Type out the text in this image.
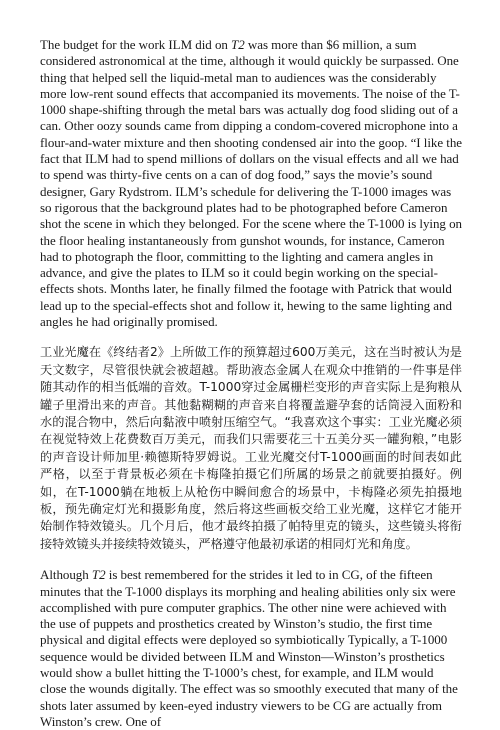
The budget for the work ILM did on T2 was more than $6 million, a sum considered astronomical at the time, although it would quickly be surpassed. One thing that helped sell the liquid-metal man to audiences was the considerably more low-rent sound effects that accompanied its movements. The noise of the T-1000 shape-shifting through the metal bars was actually dog food sliding out of a can. Other oozy sounds came from dipping a condom-covered microphone into a flour-and-water mixture and then shooting condensed air into the goop. “I like the fact that ILM had to spend millions of dollars on the visual effects and all we had to spend was thirty-five cents on a can of dog food,” says the movie’s sound designer, Gary Rydstrom. ILM’s schedule for delivering the T-1000 images was so rigorous that the background plates had to be photographed before Cameron shot the scene in which they belonged. For the scene where the T-1000 is lying on the floor healing instantaneously from gunshot wounds, for instance, Cameron had to photograph the floor, committing to the lighting and camera angles in advance, and give the plates to ILM so it could begin working on the special-effects shots. Months later, he finally filmed the footage with Patrick that would lead up to the special-effects shot and follow it, hewing to the same lighting and angles he had originally promised.

工业光魔在《终结者2》上所做工作的预算超过600万美元，这在当时被认为是天文数字，尽管很快就会被超越。帮助液态金属人在观众中推销的一件事是伴随其动作的相当低端的音效。T-1000穿过金属栅栏变形的声音实际上是狗粮从罐子里滑出来的声音。其他黏糊糊的声音来自将覆盖避孕套的话筒浸入面粉和水的混合物中，然后向黏液中喷射压缩空气。“我喜欢这个事实：工业光魔必须在视觉特效上花费数百万美元，而我们只需要花三十五美分买一罐狗粮，”电影的声音设计师加里·赖德斯特罗姆说。工业光魔交付T-1000画面的时间表如此严格，以至于背景板必须在卡梅隆拍摄它们所属的场景之前就要拍摄好。例如，在T-1000躺在地板上从枪伤中瞬间愈合的场景中，卡梅隆必须先拍摄地板，预先确定灯光和摄影角度，然后将这些画板交给工业光魔，这样它才能开始制作特效镜头。几个月后，他才最终拍摄了帕特里克的镜头，这些镜头将衔接特效镜头并接续特效镜头，严格遵守他最初承诺的相同灯光和角度。

Although T2 is best remembered for the strides it led to in CG, of the fifteen minutes that the T-1000 displays its morphing and healing abilities only six were accomplished with pure computer graphics. The other nine were achieved with the use of puppets and prosthetics created by Winston’s studio, the first time physical and digital effects were deployed so symbiotically Typically, a T-1000 sequence would be divided between ILM and Winston—Winston’s prosthetics would show a bullet hitting the T-1000’s chest, for example, and ILM would close the wounds digitally. The effect was so smoothly executed that many of the shots later assumed by keen-eyed industry viewers to be CG are actually from Winston’s crew. One of
